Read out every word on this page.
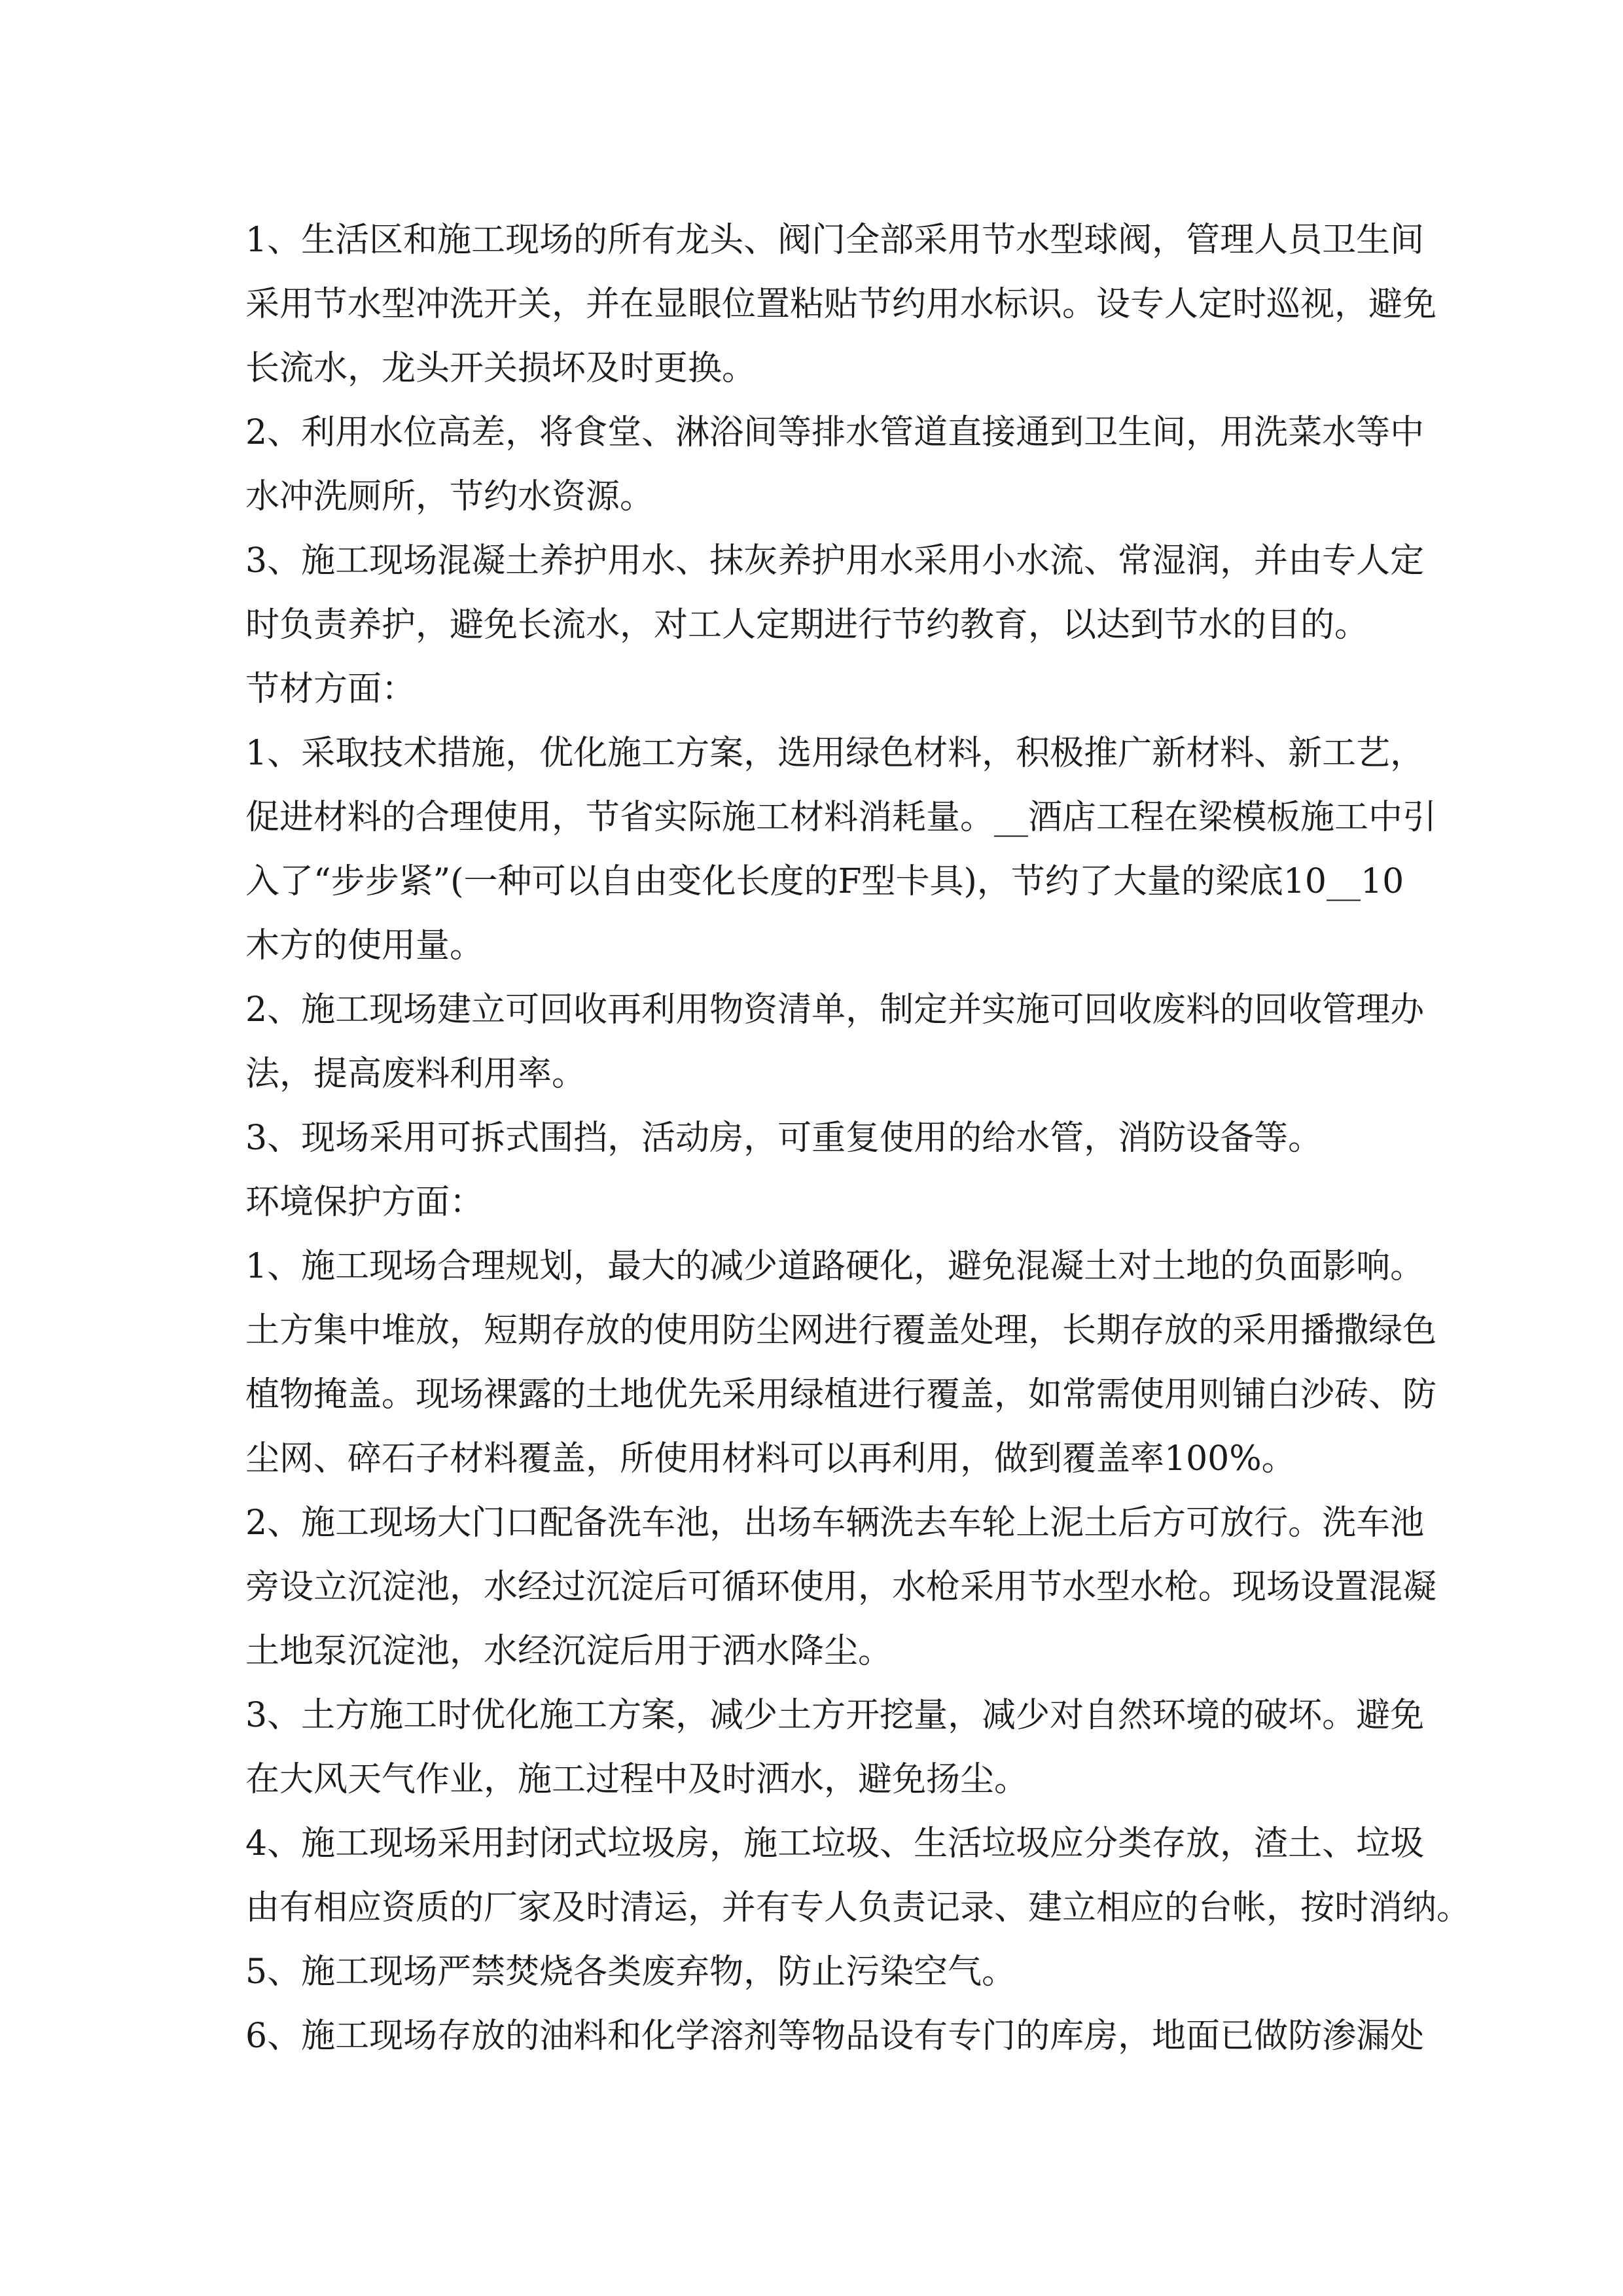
1、生活区和施工现场的所有龙头、阀门全部采用节水型球阀，管理人员卫生间
采用节水型冲洗开关，并在显眼位置粘贴节约用水标识。设专人定时巡视，避免
长流水，龙头开关损坏及时更换。
2、利用水位高差，将食堂、淋浴间等排水管道直接通到卫生间，用洗菜水等中
水冲洗厕所，节约水资源。
3、施工现场混凝土养护用水、抹灰养护用水采用小水流、常湿润，并由专人定
时负责养护，避免长流水，对工人定期进行节约教育，以达到节水的目的。
节材方面：
1、采取技术措施，优化施工方案，选用绿色材料，积极推广新材料、新工艺，
促进材料的合理使用，节省实际施工材料消耗量。__酒店工程在梁模板施工中引
入了“步步紧”(一种可以自由变化长度的F型卡具)，节约了大量的梁底10__10
木方的使用量。
2、施工现场建立可回收再利用物资清单，制定并实施可回收废料的回收管理办
法，提高废料利用率。
3、现场采用可拆式围挡，活动房，可重复使用的给水管，消防设备等。
环境保护方面：
1、施工现场合理规划，最大的减少道路硬化，避免混凝土对土地的负面影响。
土方集中堆放，短期存放的使用防尘网进行覆盖处理，长期存放的采用播撒绿色
植物掩盖。现场裸露的土地优先采用绿植进行覆盖，如常需使用则铺白沙砖、防
尘网、碎石子材料覆盖，所使用材料可以再利用，做到覆盖率100%。
2、施工现场大门口配备洗车池，出场车辆洗去车轮上泥土后方可放行。洗车池
旁设立沉淀池，水经过沉淀后可循环使用，水枪采用节水型水枪。现场设置混凝
土地泵沉淀池，水经沉淀后用于洒水降尘。
3、土方施工时优化施工方案，减少土方开挖量，减少对自然环境的破坏。避免
在大风天气作业，施工过程中及时洒水，避免扬尘。
4、施工现场采用封闭式垃圾房，施工垃圾、生活垃圾应分类存放，渣土、垃圾
由有相应资质的厂家及时清运，并有专人负责记录、建立相应的台帐，按时消纳。
5、施工现场严禁焚烧各类废弃物，防止污染空气。
6、施工现场存放的油料和化学溶剂等物品设有专门的库房，地面已做防渗漏处
